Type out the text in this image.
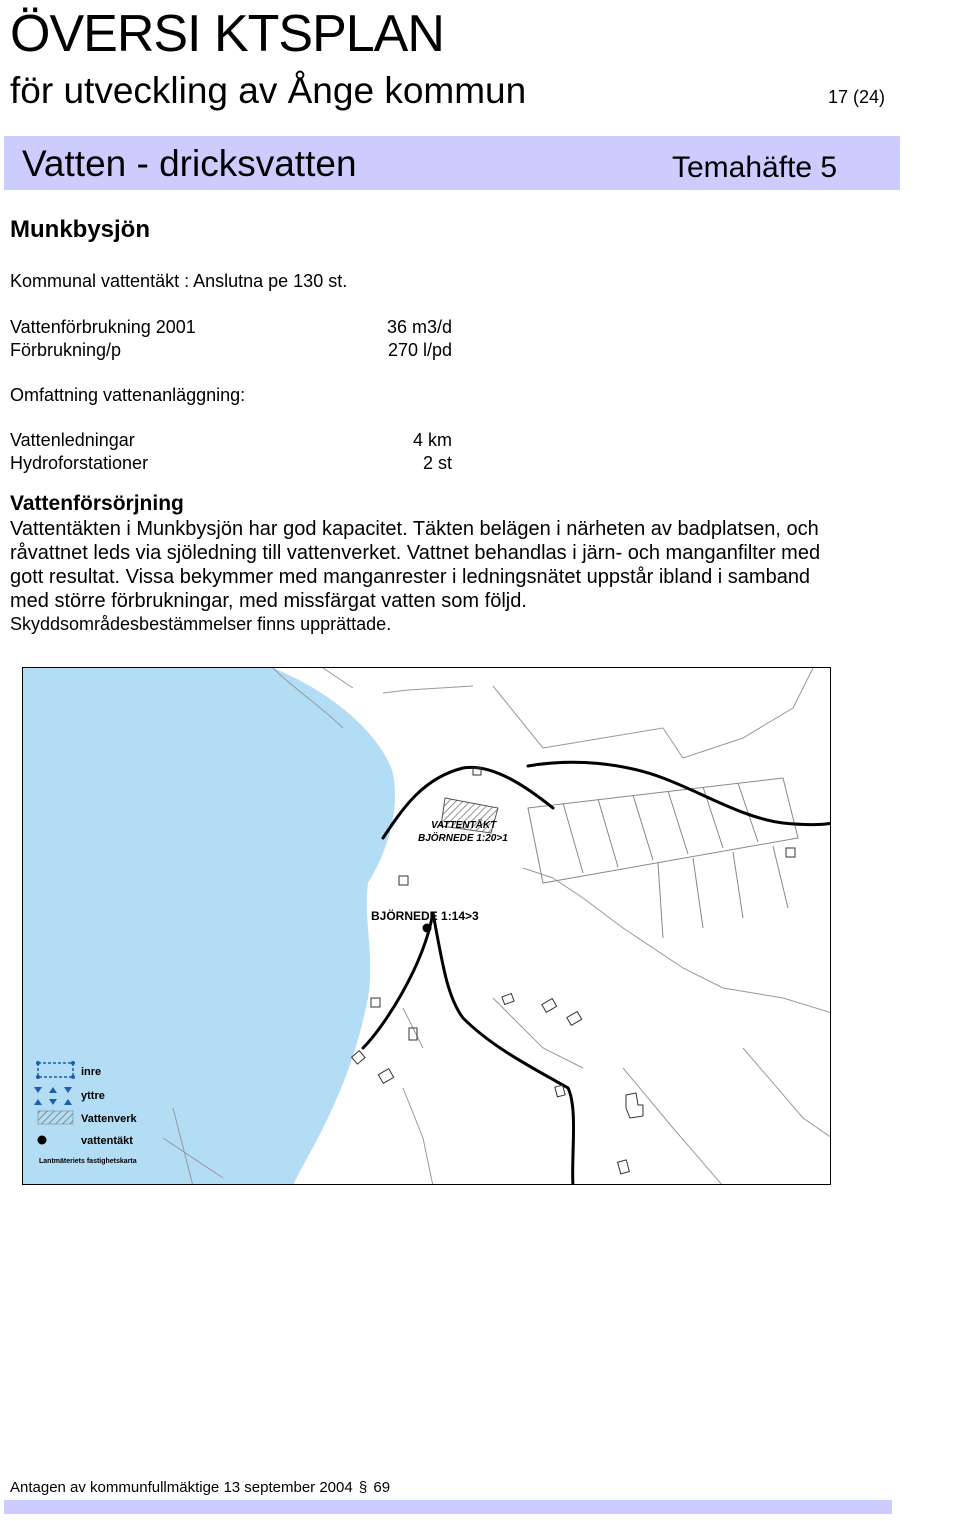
ÖVERSI KTSPLAN
för utveckling av Ånge kommun	17 (24)
Vatten - dricksvatten	Temahäfte 5
Munkbysjön
Kommunal vattentäkt : Anslutna pe 130 st.
Vattenförbrukning 2001	36 m3/d
Förbrukning/p	270 l/pd
Omfattning vattenanläggning:
Vattenledningar	4 km
Hydroforstationer	2 st
Vattenförsörjning

Vattentäkten i Munkbysjön har god kapacitet. Täkten belägen i närheten av badplatsen, och

råvattnet leds via sjöledning till vattenverket. Vattnet behandlas i järn- och manganfilter med

gott resultat. Vissa bekymmer med manganrester i ledningsnätet uppstår ibland i samband

med större förbrukningar, med missfärgat vatten som följd.

Skyddsområdesbestämmelser finns upprättade.
VATTENTÄKT
BJÖRNEDE 1:20>1
BJÖRNEDE 1:14>3
inre
yttre
Vattenverk
vattentäkt
Lantmäteriets fastighetskarta
Antagen av kommunfullmäktige 13 september 2004 § 69
